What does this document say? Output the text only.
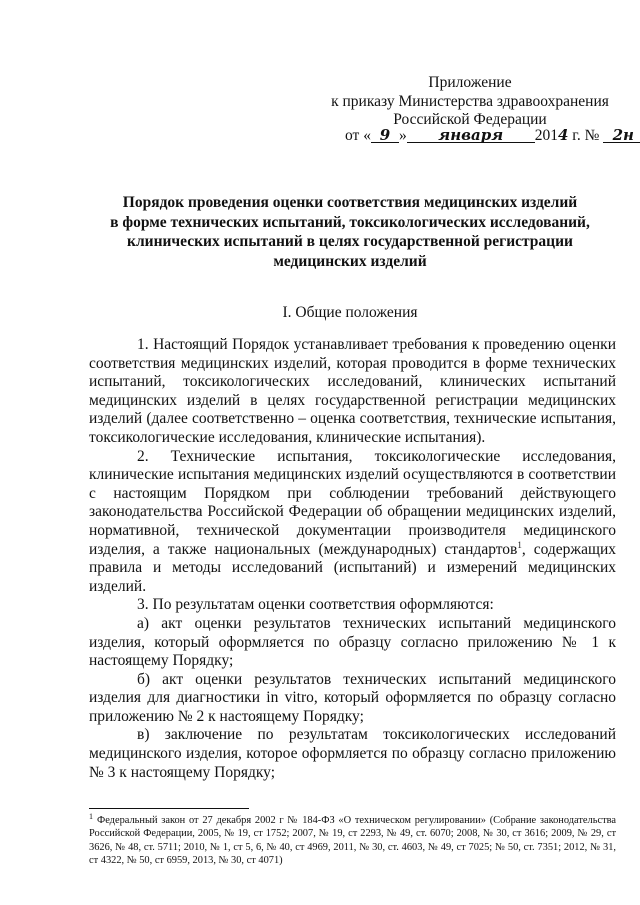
Приложение
к приказу Министерства здравоохранения
Российской Федерации
от « 9 » января 2014 г. № 2н
Порядок проведения оценки соответствия медицинских изделий
в форме технических испытаний, токсикологических исследований,
клинических испытаний в целях государственной регистрации
медицинских изделий
I. Общие положения

1. Настоящий Порядок устанавливает требования к проведению оценки соответствия медицинских изделий, которая проводится в форме технических испытаний, токсикологических исследований, клинических испытаний медицинских изделий в целях государственной регистрации медицинских изделий (далее соответственно – оценка соответствия, технические испытания, токсикологические исследования, клинические испытания).

2. Технические испытания, токсикологические исследования, клинические испытания медицинских изделий осуществляются в соответствии с настоящим Порядком при соблюдении требований действующего законодательства Российской Федерации об обращении медицинских изделий, нормативной, технической документации производителя медицинского изделия, а также национальных (международных) стандартов$^1$, содержащих правила и методы исследований (испытаний) и измерений медицинских изделий.

3. По результатам оценки соответствия оформляются:

а) акт оценки результатов технических испытаний медицинского изделия, который оформляется по образцу согласно приложению № 1 к настоящему Порядку;

б) акт оценки результатов технических испытаний медицинского изделия для диагностики in vitro, который оформляется по образцу согласно приложению № 2 к настоящему Порядку;

в) заключение по результатам токсикологических исследований медицинского изделия, которое оформляется по образцу согласно приложению № 3 к настоящему Порядку;

$^1$ Федеральный закон от 27 декабря 2002 г № 184-ФЗ «О техническом регулировании» (Собрание законодательства Российской Федерации, 2005, № 19, ст 1752; 2007, № 19, ст 2293, № 49, ст. 6070; 2008, № 30, ст 3616; 2009, № 29, ст 3626, № 48, ст. 5711; 2010, № 1, ст 5, 6, № 40, ст 4969, 2011, № 30, ст. 4603, № 49, ст 7025; № 50, ст. 7351; 2012, № 31, ст 4322, № 50, ст 6959, 2013, № 30, ст 4071)
